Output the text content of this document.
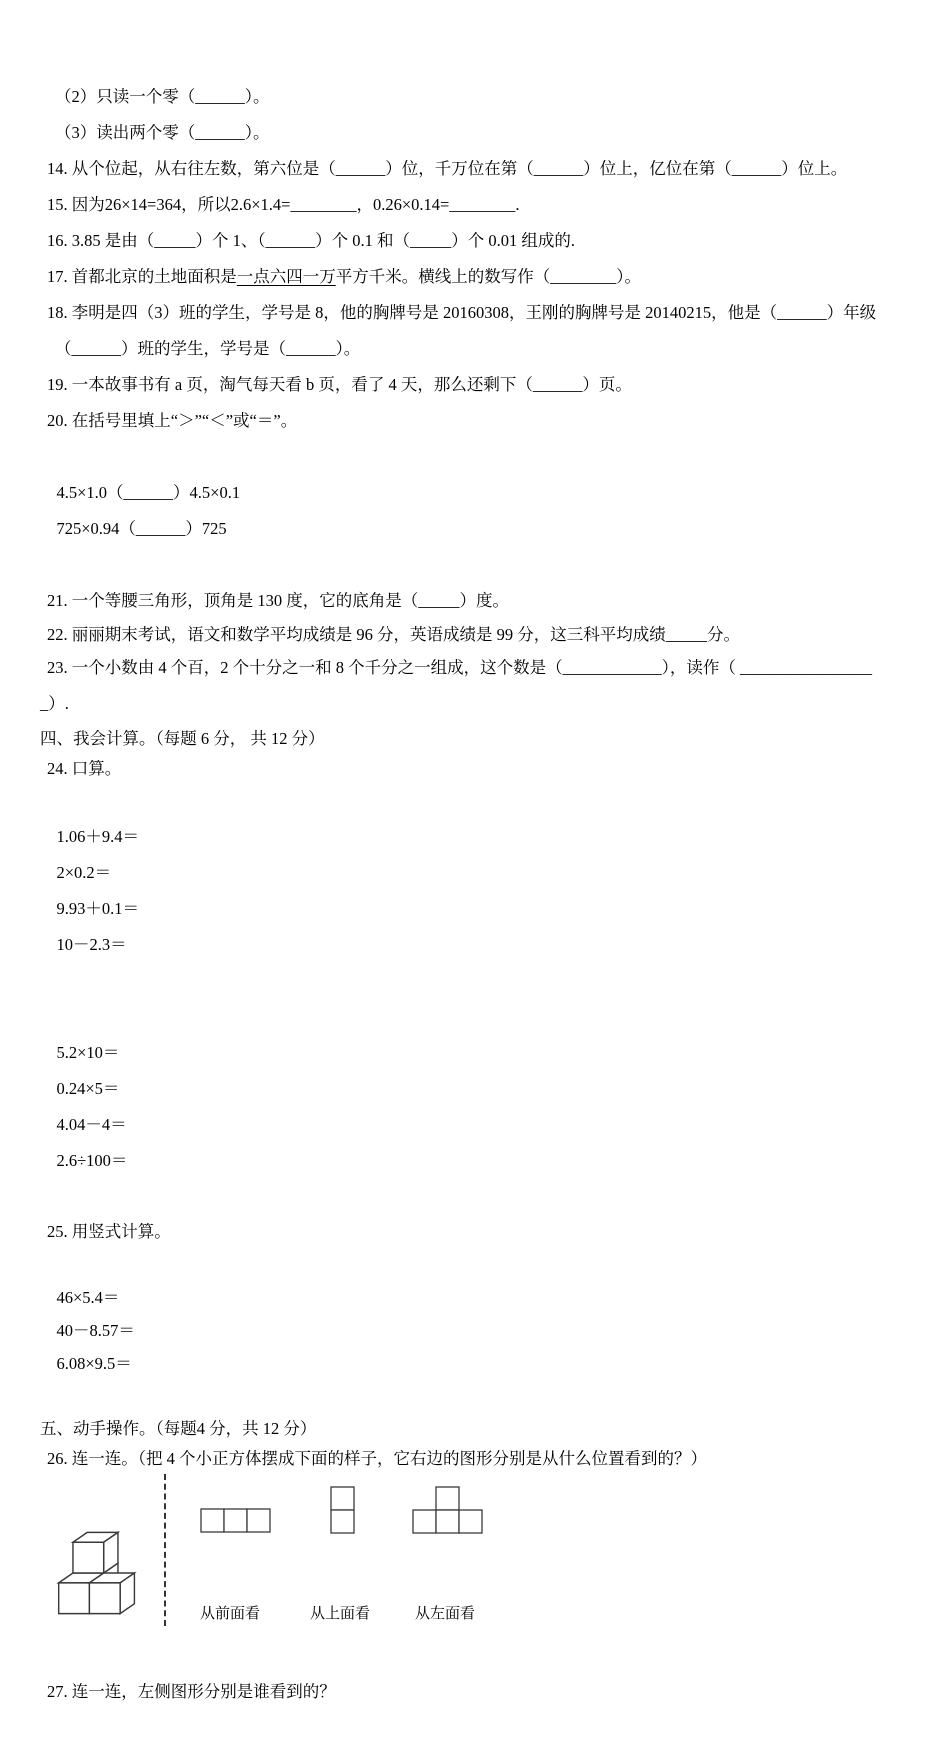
（2）只读一个零（______）。

（3）读出两个零（______）。

14. 从个位起，从右往左数，第六位是（______）位，千万位在第（______）位上，亿位在第（______）位上。

15. 因为26×14=364，所以2.6×1.4=________，0.26×0.14=________.

16. 3.85 是由（_____）个 1、（______）个 0.1 和（_____）个 0.01 组成的.

17. 首都北京的土地面积是一点六四一万平方千米。横线上的数写作（________）。

18. 李明是四（3）班的学生，学号是 8，他的胸牌号是 20160308，王刚的胸牌号是 20140215，他是（______）年级

（______）班的学生，学号是（______）。

19. 一本故事书有 a 页，淘气每天看 b 页，看了 4 天，那么还剩下（______）页。

20. 在括号里填上“＞”“＜”或“＝”。

4.5×1.0（______）4.5×0.1
725×0.94（______）725

21. 一个等腰三角形，顶角是 130 度，它的底角是（_____）度。

22. 丽丽期末考试，语文和数学平均成绩是 96 分，英语成绩是 99 分，这三科平均成绩_____分。

23. 一个小数由 4 个百，2 个十分之一和 8 个千分之一组成，这个数是（____________），读作（ ________________

_）.

四、我会计算。（每题 6 分， 共 12 分）

24. 口算。

1.06＋9.4＝
2×0.2＝
9.93＋0.1＝
10－2.3＝

5.2×10＝
0.24×5＝
4.04－4＝
2.6÷100＝

25. 用竖式计算。

46×5.4＝
40－8.57＝
6.08×9.5＝

五、动手操作。（每题4 分，共 12 分）

26. 连一连。（把 4 个小正方体摆成下面的样子，它右边的图形分别是从什么位置看到的？）

从前面看	从上面看	从左面看

27. 连一连，左侧图形分别是谁看到的？
